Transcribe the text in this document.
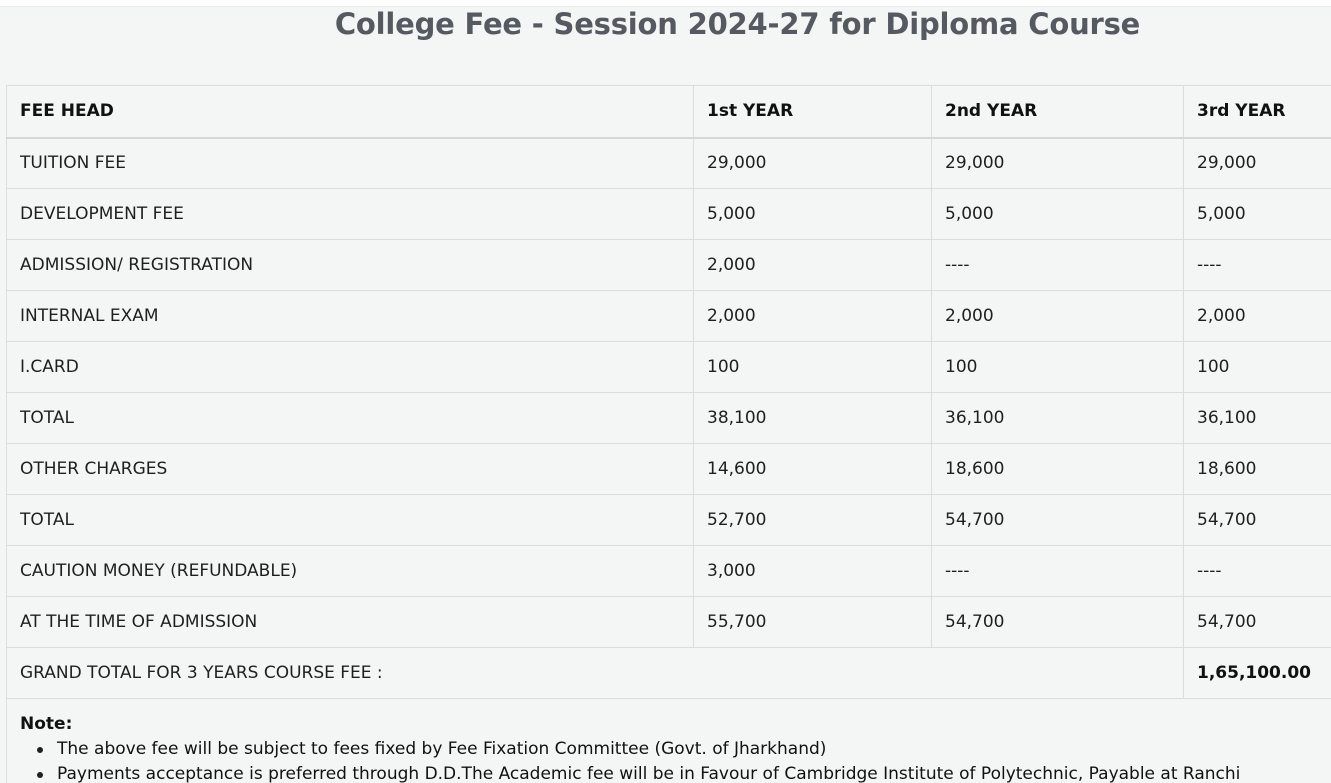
College Fee - Session 2024-27 for Diploma Course
FEE HEAD	1st YEAR	2nd YEAR	3rd YEAR
TUITION FEE	29,000	29,000	29,000
DEVELOPMENT FEE	5,000	5,000	5,000
ADMISSION/ REGISTRATION	2,000	----	----
INTERNAL EXAM	2,000	2,000	2,000
I.CARD	100	100	100
TOTAL	38,100	36,100	36,100
OTHER CHARGES	14,600	18,600	18,600
TOTAL	52,700	54,700	54,700
CAUTION MONEY (REFUNDABLE)	3,000	----	----
AT THE TIME OF ADMISSION	55,700	54,700	54,700
GRAND TOTAL FOR 3 YEARS COURSE FEE :			1,65,100.00
Note:
The above fee will be subject to fees fixed by Fee Fixation Committee (Govt. of Jharkhand)
Payments acceptance is preferred through D.D.The Academic fee will be in Favour of Cambridge Institute of Polytechnic, Payable at Ranchi
